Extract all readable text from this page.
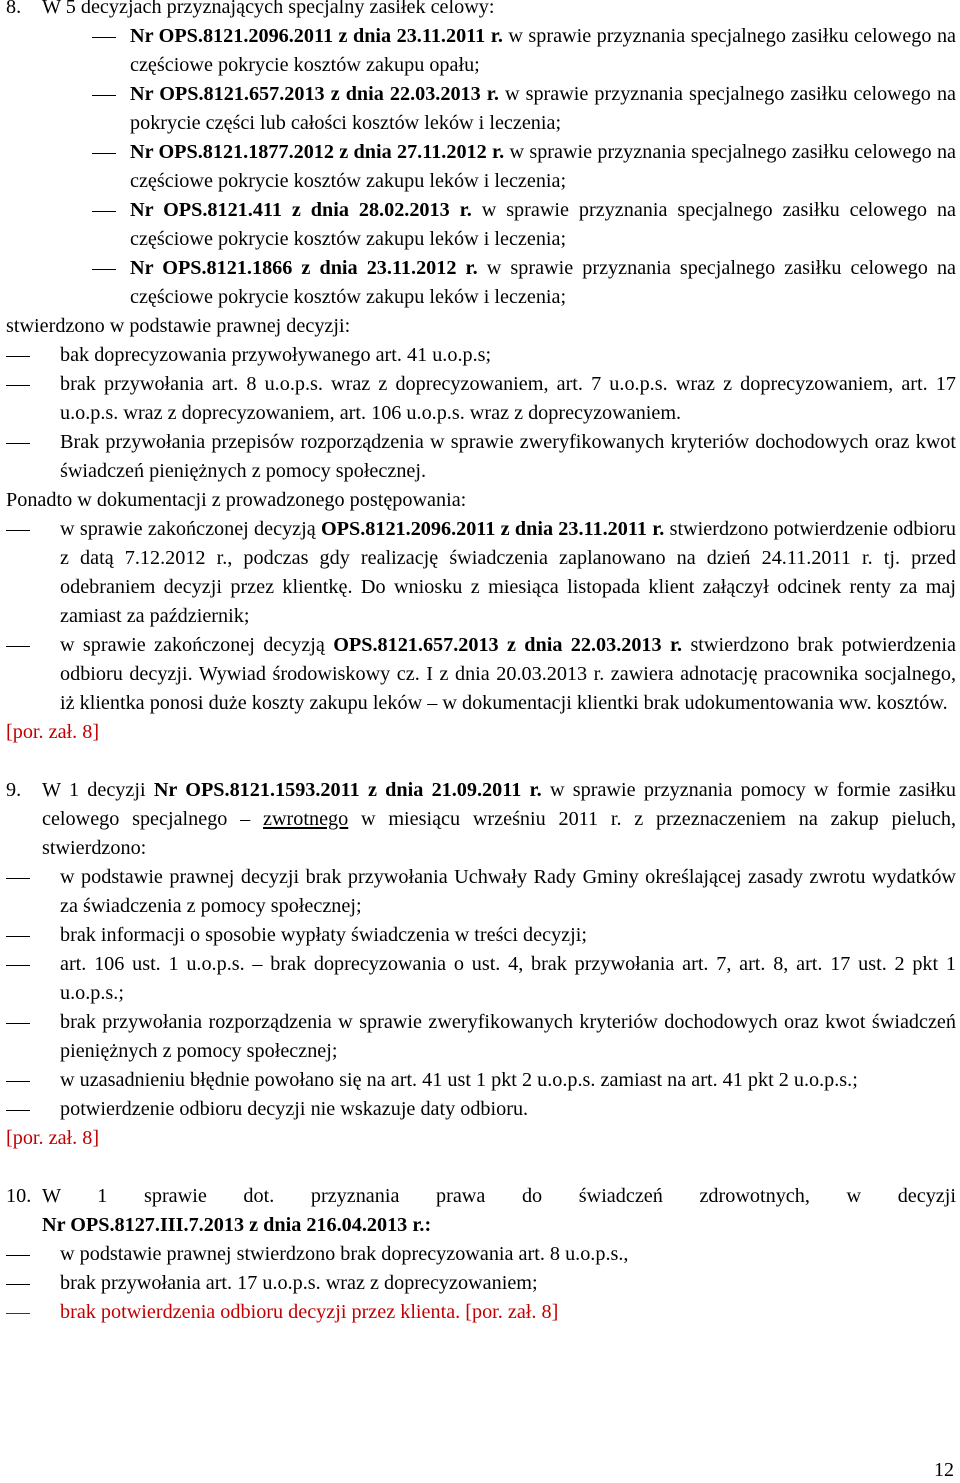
8. W 5 decyzjach przyznających specjalny zasiłek celowy:
Nr OPS.8121.2096.2011 z dnia 23.11.2011 r. w sprawie przyznania specjalnego zasiłku celowego na częściowe pokrycie kosztów zakupu opału;
Nr OPS.8121.657.2013 z dnia 22.03.2013 r. w sprawie przyznania specjalnego zasiłku celowego na pokrycie części lub całości kosztów leków i leczenia;
Nr OPS.8121.1877.2012 z dnia 27.11.2012 r. w sprawie przyznania specjalnego zasiłku celowego na częściowe pokrycie kosztów zakupu leków i leczenia;
Nr OPS.8121.411 z dnia 28.02.2013 r. w sprawie przyznania specjalnego zasiłku celowego na częściowe pokrycie kosztów zakupu leków i leczenia;
Nr OPS.8121.1866 z dnia 23.11.2012 r. w sprawie przyznania specjalnego zasiłku celowego na częściowe pokrycie kosztów zakupu leków i leczenia;
stwierdzono w podstawie prawnej decyzji:
bak doprecyzowania przywoływanego art. 41 u.o.p.s;
brak przywołania art. 8 u.o.p.s. wraz z doprecyzowaniem, art. 7 u.o.p.s. wraz z doprecyzowaniem, art. 17 u.o.p.s. wraz z doprecyzowaniem, art. 106 u.o.p.s. wraz z doprecyzowaniem.
Brak przywołania przepisów rozporządzenia w sprawie zweryfikowanych kryteriów dochodowych oraz kwot świadczeń pieniężnych z pomocy społecznej.
Ponadto w dokumentacji z prowadzonego postępowania:
w sprawie zakończonej decyzją OPS.8121.2096.2011 z dnia 23.11.2011 r. stwierdzono potwierdzenie odbioru z datą 7.12.2012 r., podczas gdy realizację świadczenia zaplanowano na dzień 24.11.2011 r. tj. przed odebraniem decyzji przez klientkę. Do wniosku z miesiąca listopada klient załączył odcinek renty za maj zamiast za październik;
w sprawie zakończonej decyzją OPS.8121.657.2013 z dnia 22.03.2013 r. stwierdzono brak potwierdzenia odbioru decyzji. Wywiad środowiskowy cz. I z dnia 20.03.2013 r. zawiera adnotację pracownika socjalnego, iż klientka ponosi duże koszty zakupu leków – w dokumentacji klientki brak udokumentowania ww. kosztów.
[por. zał. 8]
9. W 1 decyzji Nr OPS.8121.1593.2011 z dnia 21.09.2011 r. w sprawie przyznania pomocy w formie zasiłku celowego specjalnego – zwrotnego w miesiącu wrześniu 2011 r. z przeznaczeniem na zakup pieluch, stwierdzono:
w podstawie prawnej decyzji brak przywołania Uchwały Rady Gminy określającej zasady zwrotu wydatków za świadczenia z pomocy społecznej;
brak informacji o sposobie wypłaty świadczenia w treści decyzji;
art. 106 ust. 1 u.o.p.s. – brak doprecyzowania o ust. 4, brak przywołania art. 7, art. 8, art. 17 ust. 2 pkt 1 u.o.p.s.;
brak przywołania rozporządzenia w sprawie zweryfikowanych kryteriów dochodowych oraz kwot świadczeń pieniężnych z pomocy społecznej;
w uzasadnieniu błędnie powołano się na art. 41 ust 1 pkt 2 u.o.p.s. zamiast na art. 41 pkt 2 u.o.p.s.;
potwierdzenie odbioru decyzji nie wskazuje daty odbioru.
[por. zał. 8]
10. W 1 sprawie dot. przyznania prawa do świadczeń zdrowotnych, w decyzji
Nr OPS.8127.III.7.2013 z dnia 216.04.2013 r.:
w podstawie prawnej stwierdzono brak doprecyzowania art. 8 u.o.p.s.,
brak przywołania art. 17 u.o.p.s. wraz z doprecyzowaniem;
brak potwierdzenia odbioru decyzji przez klienta. [por. zał. 8]
12
